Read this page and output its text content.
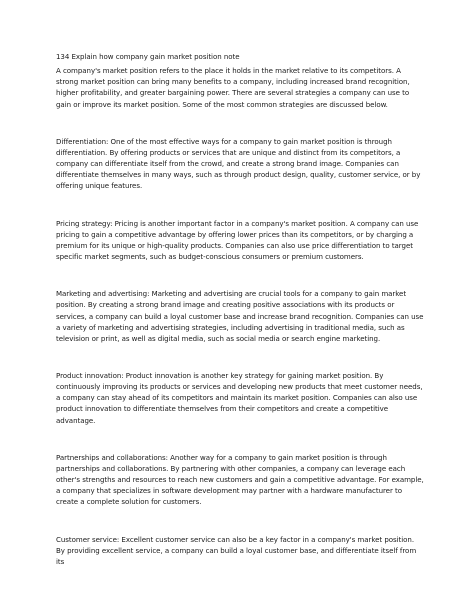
134 Explain how company gain market position note

A company's market position refers to the place it holds in the market relative to its competitors. A strong market position can bring many benefits to a company, including increased brand recognition, higher profitability, and greater bargaining power. There are several strategies a company can use to gain or improve its market position. Some of the most common strategies are discussed below.

Differentiation: One of the most effective ways for a company to gain market position is through differentiation. By offering products or services that are unique and distinct from its competitors, a company can differentiate itself from the crowd, and create a strong brand image. Companies can differentiate themselves in many ways, such as through product design, quality, customer service, or by offering unique features.

Pricing strategy: Pricing is another important factor in a company's market position. A company can use pricing to gain a competitive advantage by offering lower prices than its competitors, or by charging a premium for its unique or high-quality products. Companies can also use price differentiation to target specific market segments, such as budget-conscious consumers or premium customers.

Marketing and advertising: Marketing and advertising are crucial tools for a company to gain market position. By creating a strong brand image and creating positive associations with its products or services, a company can build a loyal customer base and increase brand recognition. Companies can use a variety of marketing and advertising strategies, including advertising in traditional media, such as television or print, as well as digital media, such as social media or search engine marketing.

Product innovation: Product innovation is another key strategy for gaining market position. By continuously improving its products or services and developing new products that meet customer needs, a company can stay ahead of its competitors and maintain its market position. Companies can also use product innovation to differentiate themselves from their competitors and create a competitive advantage.

Partnerships and collaborations: Another way for a company to gain market position is through partnerships and collaborations. By partnering with other companies, a company can leverage each other's strengths and resources to reach new customers and gain a competitive advantage. For example, a company that specializes in software development may partner with a hardware manufacturer to create a complete solution for customers.

Customer service: Excellent customer service can also be a key factor in a company's market position. By providing excellent service, a company can build a loyal customer base, and differentiate itself from its
